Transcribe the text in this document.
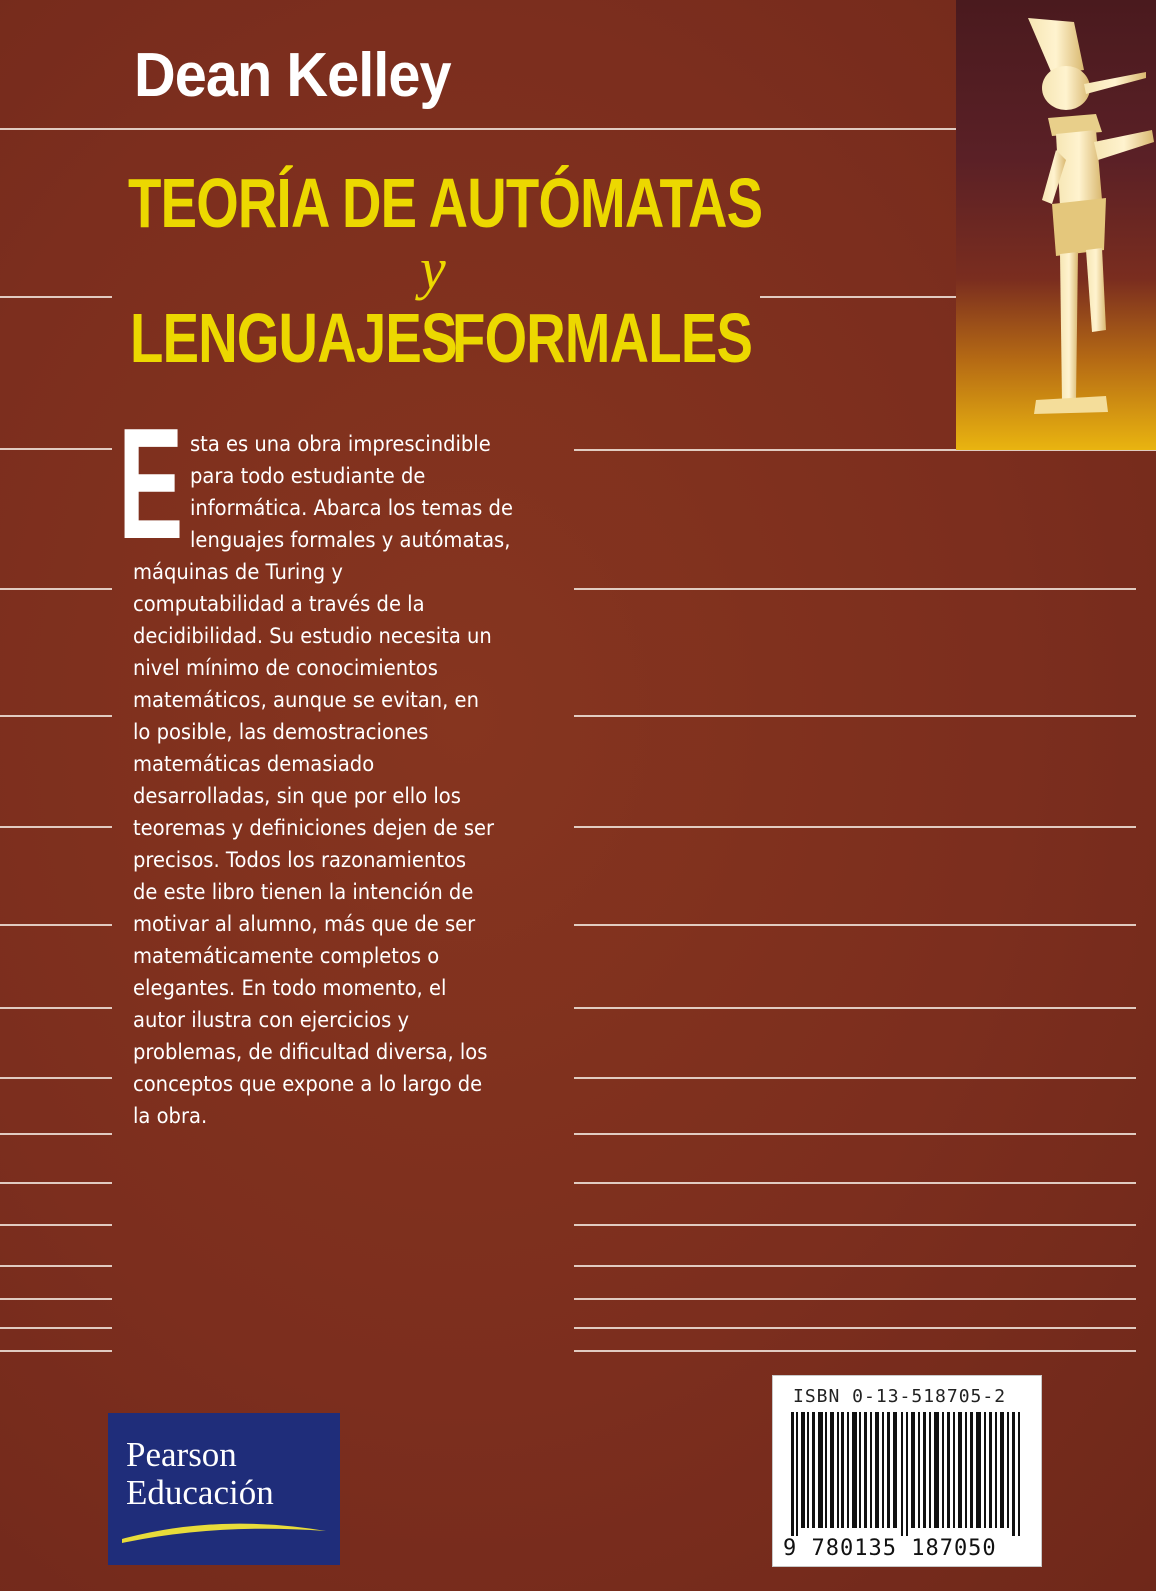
Dean Kelley
TEORÍA DE AUTÓMATAS
y
LENGUAJES
FORMALES
E sta es una obra imprescindible

para todo estudiante de

informática. Abarca los temas de

lenguajes formales y autómatas,

máquinas de Turing y

computabilidad a través de la

decidibilidad. Su estudio necesita un

nivel mínimo de conocimientos

matemáticos, aunque se evitan, en

lo posible, las demostraciones

matemáticas demasiado

desarrolladas, sin que por ello los

teoremas y definiciones dejen de ser

precisos. Todos los razonamientos

de este libro tienen la intención de

motivar al alumno, más que de ser

matemáticamente completos o

elegantes. En todo momento, el

autor ilustra con ejercicios y

problemas, de dificultad diversa, los

conceptos que expone a lo largo de

la obra.

Pearson
Educación
ISBN 0-13-518705-2
9 780135 187050
